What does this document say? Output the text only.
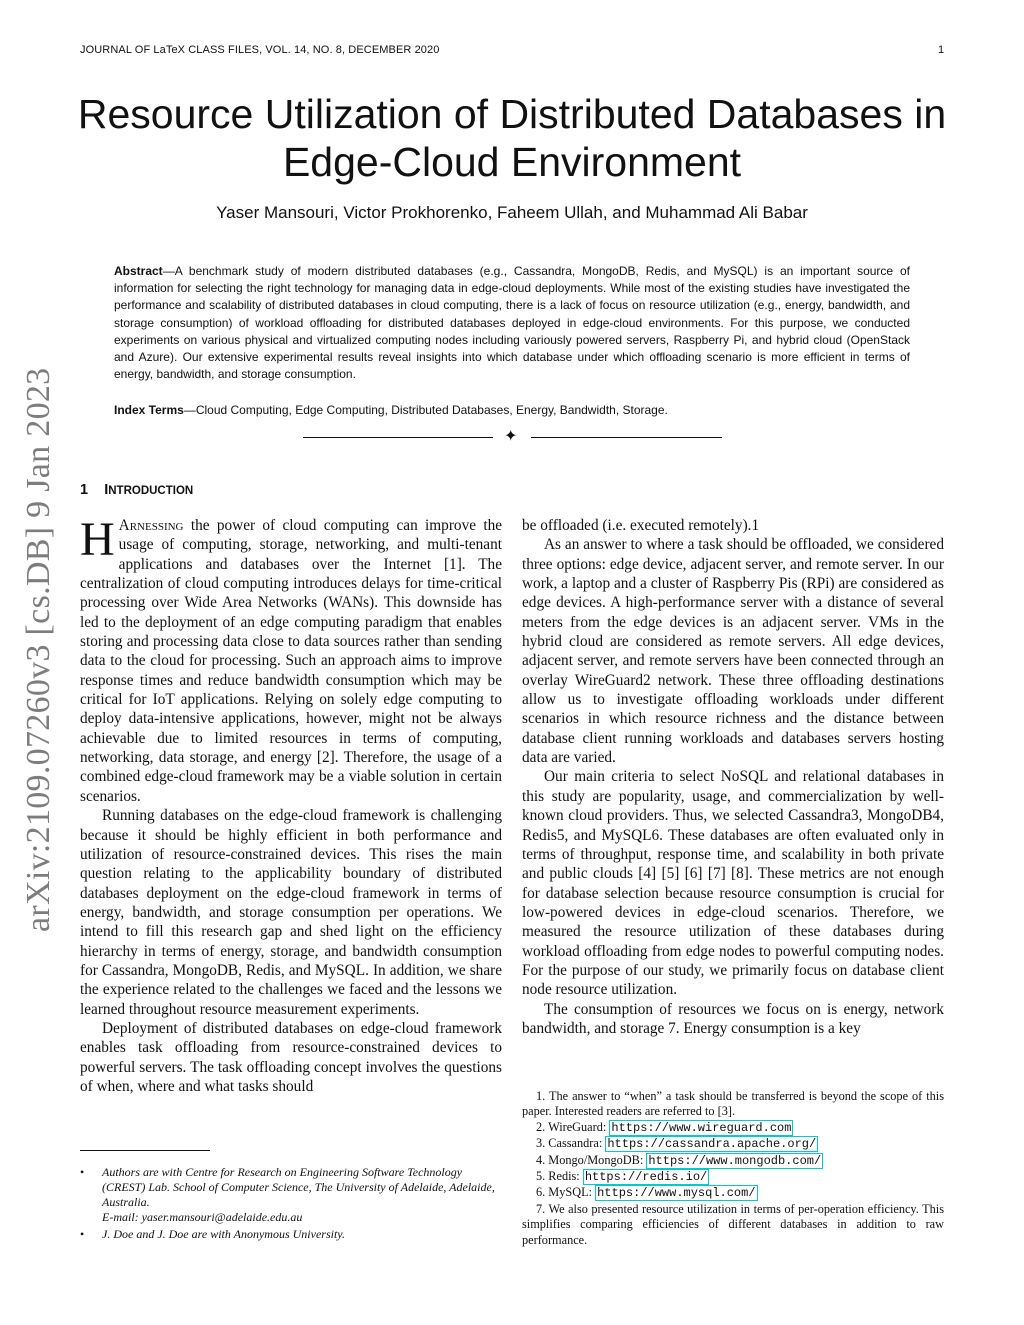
JOURNAL OF LaTeX CLASS FILES, VOL. 14, NO. 8, DECEMBER 2020	1
Resource Utilization of Distributed Databases in Edge-Cloud Environment
Yaser Mansouri, Victor Prokhorenko, Faheem Ullah, and Muhammad Ali Babar
Abstract—A benchmark study of modern distributed databases (e.g., Cassandra, MongoDB, Redis, and MySQL) is an important source of information for selecting the right technology for managing data in edge-cloud deployments. While most of the existing studies have investigated the performance and scalability of distributed databases in cloud computing, there is a lack of focus on resource utilization (e.g., energy, bandwidth, and storage consumption) of workload offloading for distributed databases deployed in edge-cloud environments. For this purpose, we conducted experiments on various physical and virtualized computing nodes including variously powered servers, Raspberry Pi, and hybrid cloud (OpenStack and Azure). Our extensive experimental results reveal insights into which database under which offloading scenario is more efficient in terms of energy, bandwidth, and storage consumption.
Index Terms—Cloud Computing, Edge Computing, Distributed Databases, Energy, Bandwidth, Storage.
✦
1 INTRODUCTION

H Arnessing the power of cloud computing can improve the usage of computing, storage, networking, and multi-tenant applications and databases over the Internet [1]. The centralization of cloud computing introduces delays for time-critical processing over Wide Area Networks (WANs). This downside has led to the deployment of an edge computing paradigm that enables storing and processing data close to data sources rather than sending data to the cloud for processing. Such an approach aims to improve response times and reduce bandwidth consumption which may be critical for IoT applications. Relying on solely edge computing to deploy data-intensive applications, however, might not be always achievable due to limited resources in terms of computing, networking, data storage, and energy [2]. Therefore, the usage of a combined edge-cloud framework may be a viable solution in certain scenarios.

Running databases on the edge-cloud framework is challenging because it should be highly efficient in both performance and utilization of resource-constrained devices. This rises the main question relating to the applicability boundary of distributed databases deployment on the edge-cloud framework in terms of energy, bandwidth, and storage consumption per operations. We intend to fill this research gap and shed light on the efficiency hierarchy in terms of energy, storage, and bandwidth consumption for Cassandra, MongoDB, Redis, and MySQL. In addition, we share the experience related to the challenges we faced and the lessons we learned throughout resource measurement experiments.

Deployment of distributed databases on edge-cloud framework enables task offloading from resource-constrained devices to powerful servers. The task offloading concept involves the questions of when, where and what tasks should

be offloaded (i.e. executed remotely).1

As an answer to where a task should be offloaded, we considered three options: edge device, adjacent server, and remote server. In our work, a laptop and a cluster of Raspberry Pis (RPi) are considered as edge devices. A high-performance server with a distance of several meters from the edge devices is an adjacent server. VMs in the hybrid cloud are considered as remote servers. All edge devices, adjacent server, and remote servers have been connected through an overlay WireGuard2 network. These three offloading destinations allow us to investigate offloading workloads under different scenarios in which resource richness and the distance between database client running workloads and databases servers hosting data are varied.

Our main criteria to select NoSQL and relational databases in this study are popularity, usage, and commercialization by well-known cloud providers. Thus, we selected Cassandra3, MongoDB4, Redis5, and MySQL6. These databases are often evaluated only in terms of throughput, response time, and scalability in both private and public clouds [4] [5] [6] [7] [8]. These metrics are not enough for database selection because resource consumption is crucial for low-powered devices in edge-cloud scenarios. Therefore, we measured the resource utilization of these databases during workload offloading from edge nodes to powerful computing nodes. For the purpose of our study, we primarily focus on database client node resource utilization.

The consumption of resources we focus on is energy, network bandwidth, and storage 7. Energy consumption is a key

1. The answer to “when” a task should be transferred is beyond the scope of this paper. Interested readers are referred to [3].
2. WireGuard: https://www.wireguard.com
3. Cassandra: https://cassandra.apache.org/
4. Mongo/MongoDB: https://www.mongodb.com/
5. Redis: https://redis.io/
6. MySQL: https://www.mysql.com/
7. We also presented resource utilization in terms of per-operation efficiency. This simplifies comparing efficiencies of different databases in addition to raw performance.
• Authors are with Centre for Research on Engineering Software Technology (CREST) Lab. School of Computer Science, The University of Adelaide, Adelaide, Australia.
E-mail: yaser.mansouri@adelaide.edu.au
• J. Doe and J. Doe are with Anonymous University.
arXiv:2109.07260v3 [cs.DB] 9 Jan 2023
